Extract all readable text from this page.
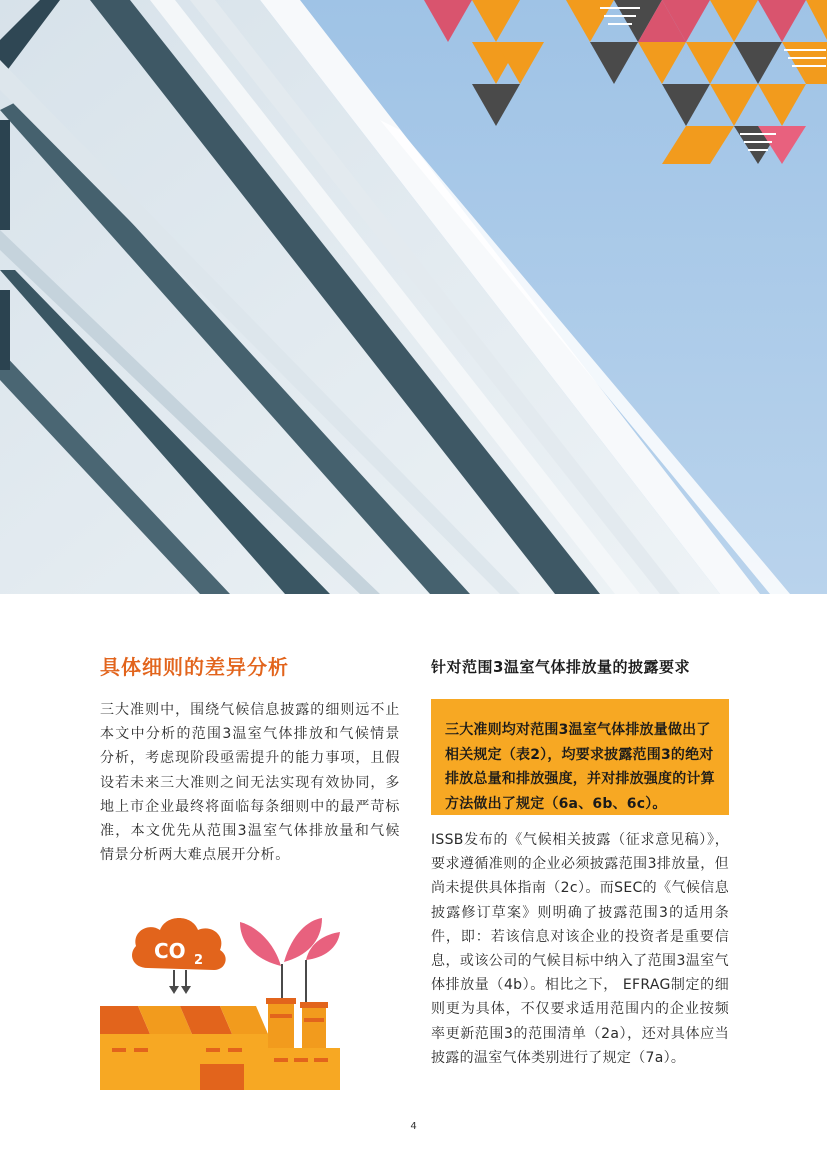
具体细则的差异分析

三大准则中，围绕气候信息披露的细则远不止本文中分析的范围3温室气体排放和气候情景分析，考虑现阶段亟需提升的能力事项，且假设若未来三大准则之间无法实现有效协同，多地上市企业最终将面临每条细则中的最严苛标准，本文优先从范围3温室气体排放量和气候情景分析两大难点展开分析。

CO 2
针对范围3温室气体排放量的披露要求

三大准则均对范围3温室气体排放量做出了相关规定（表2），均要求披露范围3的绝对排放总量和排放强度，并对排放强度的计算方法做出了规定（6a、6b、6c）。

ISSB发布的《气候相关披露（征求意见稿）》，要求遵循准则的企业必须披露范围3排放量，但尚未提供具体指南（2c）。而SEC的《气候信息披露修订草案》则明确了披露范围3的适用条件，即：若该信息对该企业的投资者是重要信息，或该公司的气候目标中纳入了范围3温室气体排放量（4b）。相比之下， EFRAG制定的细则更为具体，不仅要求适用范围内的企业按频率更新范围3的范围清单（2a），还对具体应当披露的温室气体类别进行了规定（7a）。

4
